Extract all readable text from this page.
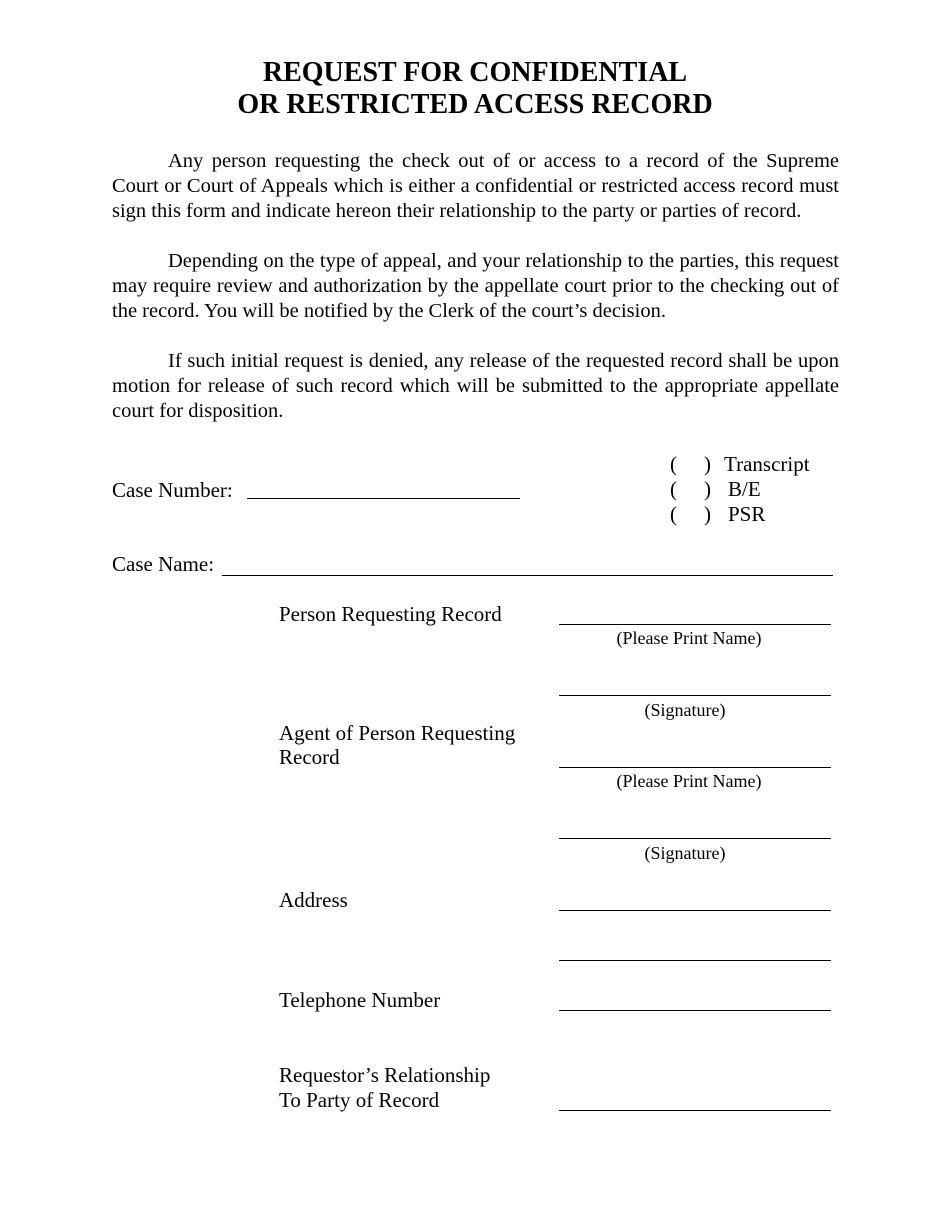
REQUEST FOR CONFIDENTIAL
OR RESTRICTED ACCESS RECORD

Any person requesting the check out of or access to a record of the Supreme Court or Court of Appeals which is either a confidential or restricted access record must sign this form and indicate hereon their relationship to the party or parties of record.

Depending on the type of appeal, and your relationship to the parties, this request may require review and authorization by the appellate court prior to the checking out of the record. You will be notified by the Clerk of the court’s decision.

If such initial request is denied, any release of the requested record shall be upon motion for release of such record which will be submitted to the appropriate appellate court for disposition.

Case Number:
( ) Transcript
( ) B/E
( ) PSR
Case Name:
Person Requesting Record
(Please Print Name)
(Signature)
Agent of Person Requesting
Record
(Please Print Name)
(Signature)
Address
Telephone Number
Requestor’s Relationship
To Party of Record
